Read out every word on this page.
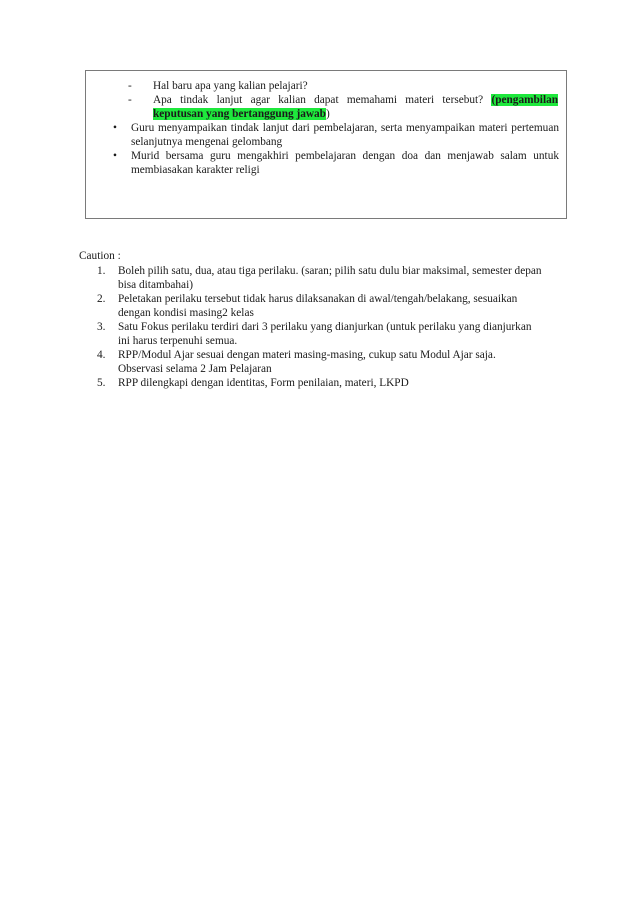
- Hal baru apa yang kalian pelajari?
- Apa tindak lanjut agar kalian dapat memahami materi tersebut? (pengambilan
keputusan yang bertanggung jawab)
• Guru menyampaikan tindak lanjut dari pembelajaran, serta menyampaikan materi pertemuan
selanjutnya mengenai gelombang
• Murid bersama guru mengakhiri pembelajaran dengan doa dan menjawab salam untuk
membiasakan karakter religi
Caution :
1. Boleh pilih satu, dua, atau tiga perilaku. (saran; pilih satu dulu biar maksimal, semester depan
bisa ditambahai)
2. Peletakan perilaku tersebut tidak harus dilaksanakan di awal/tengah/belakang, sesuaikan
dengan kondisi masing2 kelas
3. Satu Fokus perilaku terdiri dari 3 perilaku yang dianjurkan (untuk perilaku yang dianjurkan
ini harus terpenuhi semua.
4. RPP/Modul Ajar sesuai dengan materi masing-masing, cukup satu Modul Ajar saja.
Observasi selama 2 Jam Pelajaran
5. RPP dilengkapi dengan identitas, Form penilaian, materi, LKPD
